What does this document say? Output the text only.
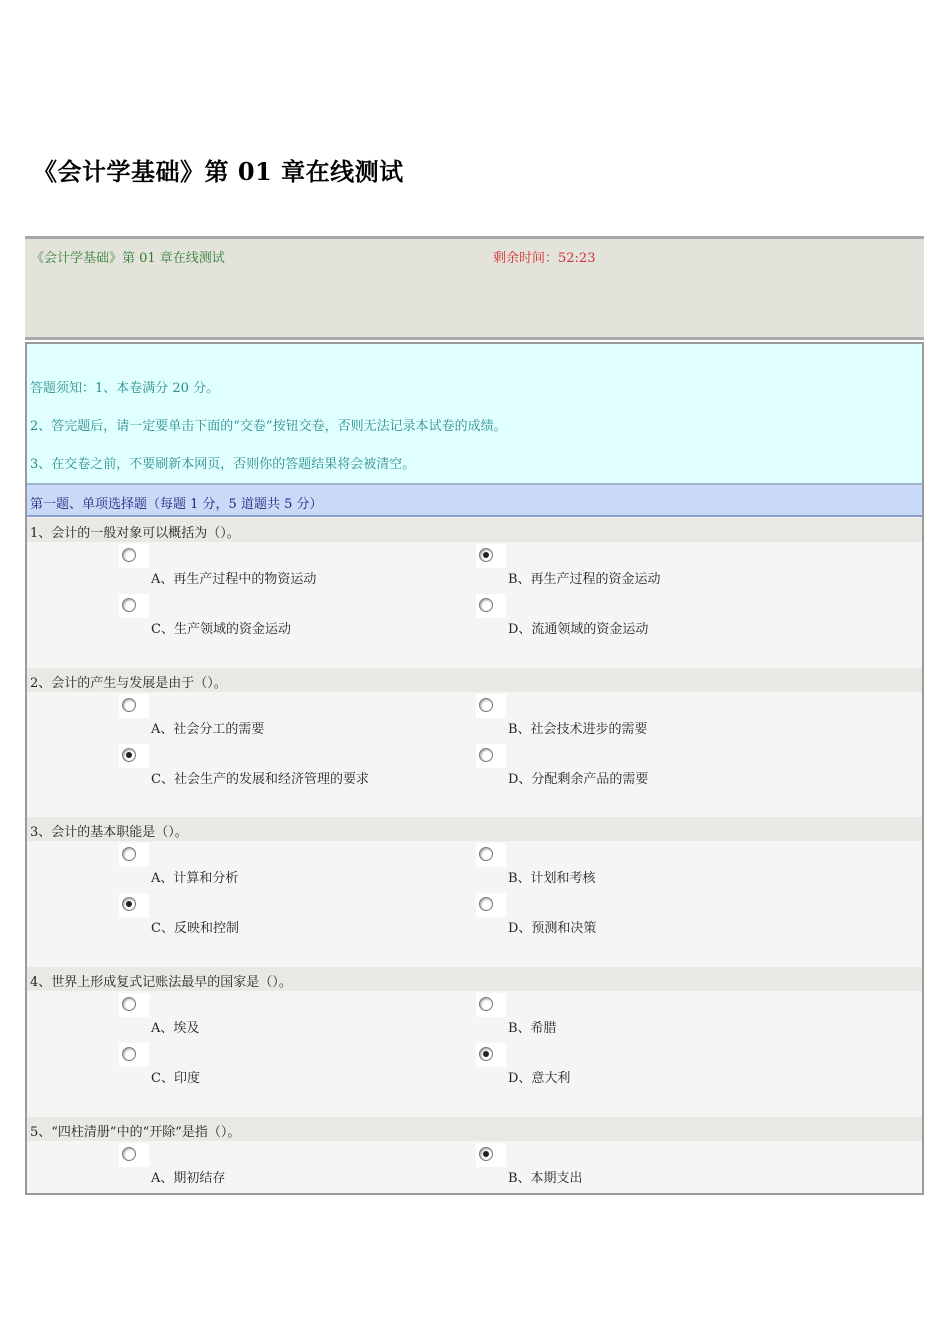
《会计学基础》第 01 章在线测试
《会计学基础》第 01 章在线测试	剩余时间：52:23
答题须知：1、本卷满分 20 分。
2、答完题后，请一定要单击下面的“交卷”按钮交卷，否则无法记录本试卷的成绩。
3、在交卷之前，不要刷新本网页，否则你的答题结果将会被清空。
第一题、单项选择题（每题 1 分，5 道题共 5 分）
1、会计的一般对象可以概括为（）。
A、再生产过程中的物资运动	B、再生产过程的资金运动
C、生产领域的资金运动	D、流通领域的资金运动
2、会计的产生与发展是由于（）。
A、社会分工的需要	B、社会技术进步的需要
C、社会生产的发展和经济管理的要求	D、分配剩余产品的需要
3、会计的基本职能是（）。
A、计算和分析	B、计划和考核
C、反映和控制	D、预测和决策
4、世界上形成复式记账法最早的国家是（）。
A、埃及	B、希腊
C、印度	D、意大利
5、“四柱清册”中的“开除”是指（）。
A、期初结存	B、本期支出
